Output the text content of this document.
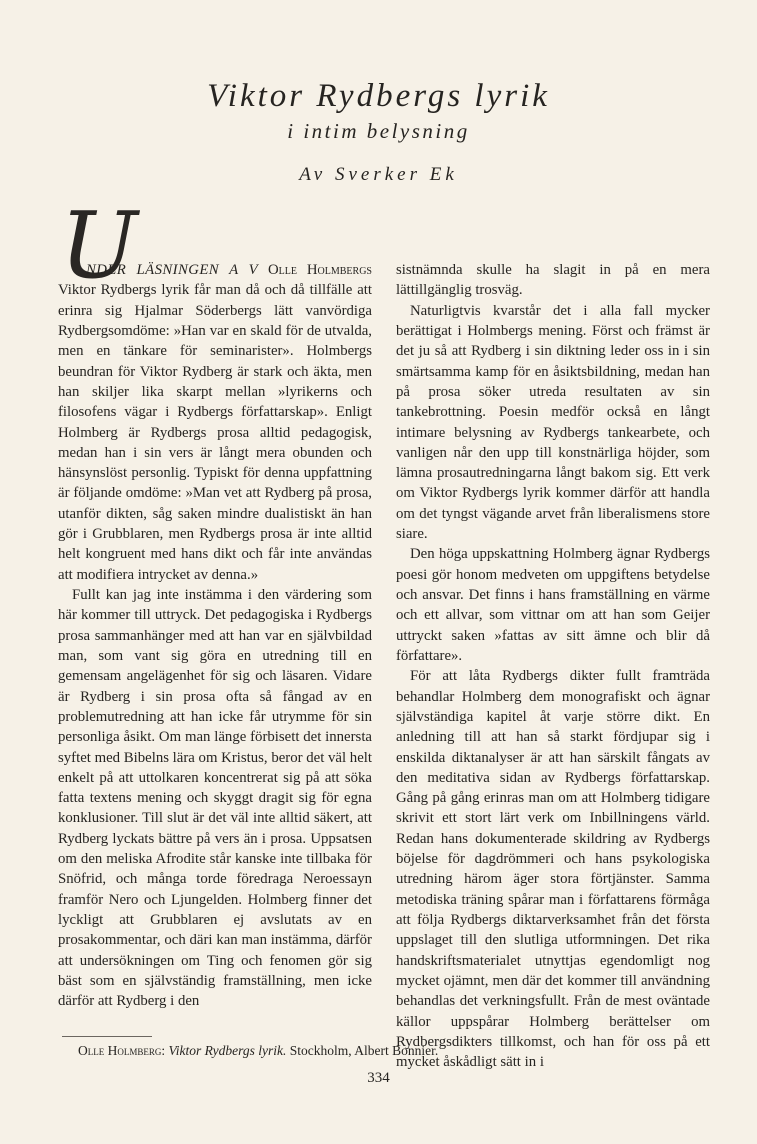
Viktor Rydbergs lyrik
i intim belysning
Av Sverker Ek
U

NDER LÄSNINGEN A V Olle Holmbergs Viktor Rydbergs lyrik får man då och då tillfälle att erinra sig Hjalmar Söderbergs lätt vanvördiga Rydbergsomdöme: »Han var en skald för de utvalda, men en tänkare för seminarister». Holmbergs beundran för Viktor Rydberg är stark och äkta, men han skiljer lika skarpt mellan »lyrikerns och filosofens vägar i Rydbergs författarskap». Enligt Holmberg är Rydbergs prosa alltid pedagogisk, medan han i sin vers är långt mera obunden och hänsynslöst personlig. Typiskt för denna uppfattning är följande omdöme: »Man vet att Rydberg på prosa, utanför dikten, såg saken mindre dualistiskt än han gör i Grubblaren, men Rydbergs prosa är inte alltid helt kongruent med hans dikt och får inte användas att modifiera intrycket av denna.»

Fullt kan jag inte instämma i den värdering som här kommer till uttryck. Det pedagogiska i Rydbergs prosa sammanhänger med att han var en självbildad man, som vant sig göra en utredning till en gemensam angelägenhet för sig och läsaren. Vidare är Rydberg i sin prosa ofta så fångad av en problemutredning att han icke får utrymme för sin personliga åsikt. Om man länge förbisett det innersta syftet med Bibelns lära om Kristus, beror det väl helt enkelt på att uttolkaren koncentrerat sig på att söka fatta textens mening och skyggt dragit sig för egna konklusioner. Till slut är det väl inte alltid säkert, att Rydberg lyckats bättre på vers än i prosa. Uppsatsen om den meliska Afrodite står kanske inte tillbaka för Snöfrid, och många torde föredraga Neroessayn framför Nero och Ljungelden. Holmberg finner det lyckligt att Grubblaren ej avslutats av en prosakommentar, och däri kan man instämma, därför att undersökningen om Ting och fenomen gör sig bäst som en självständig framställning, men icke därför att Rydberg i den

sistnämnda skulle ha slagit in på en mera lättillgänglig trosväg.

Naturligtvis kvarstår det i alla fall mycker berättigat i Holmbergs mening. Först och främst är det ju så att Rydberg i sin diktning leder oss in i sin smärtsamma kamp för en åsiktsbildning, medan han på prosa söker utreda resultaten av sin tankebrottning. Poesin medför också en långt intimare belysning av Rydbergs tankearbete, och vanligen når den upp till konstnärliga höjder, som lämna prosautredningarna långt bakom sig. Ett verk om Viktor Rydbergs lyrik kommer därför att handla om det tyngst vägande arvet från liberalismens store siare.

Den höga uppskattning Holmberg ägnar Rydbergs poesi gör honom medveten om uppgiftens betydelse och ansvar. Det finns i hans framställning en värme och ett allvar, som vittnar om att han som Geijer uttryckt saken »fattas av sitt ämne och blir då författare».

För att låta Rydbergs dikter fullt framträda behandlar Holmberg dem monografiskt och ägnar självständiga kapitel åt varje större dikt. En anledning till att han så starkt fördjupar sig i enskilda diktanalyser är att han särskilt fångats av den meditativa sidan av Rydbergs författarskap. Gång på gång erinras man om att Holmberg tidigare skrivit ett stort lärt verk om Inbillningens värld. Redan hans dokumenterade skildring av Rydbergs böjelse för dagdrömmeri och hans psykologiska utredning härom äger stora förtjänster. Samma metodiska träning spårar man i författarens förmåga att följa Rydbergs diktarverksamhet från det första uppslaget till den slutliga utformningen. Det rika handskriftsmaterialet utnyttjas egendomligt nog mycket ojämnt, men där det kommer till användning behandlas det verkningsfullt. Från de mest oväntade källor uppspårar Holmberg berättelser om Rydbergsdikters tillkomst, och han för oss på ett mycket åskådligt sätt in i

Olle Holmberg: Viktor Rydbergs lyrik. Stockholm, Albert Bonnier.
334
